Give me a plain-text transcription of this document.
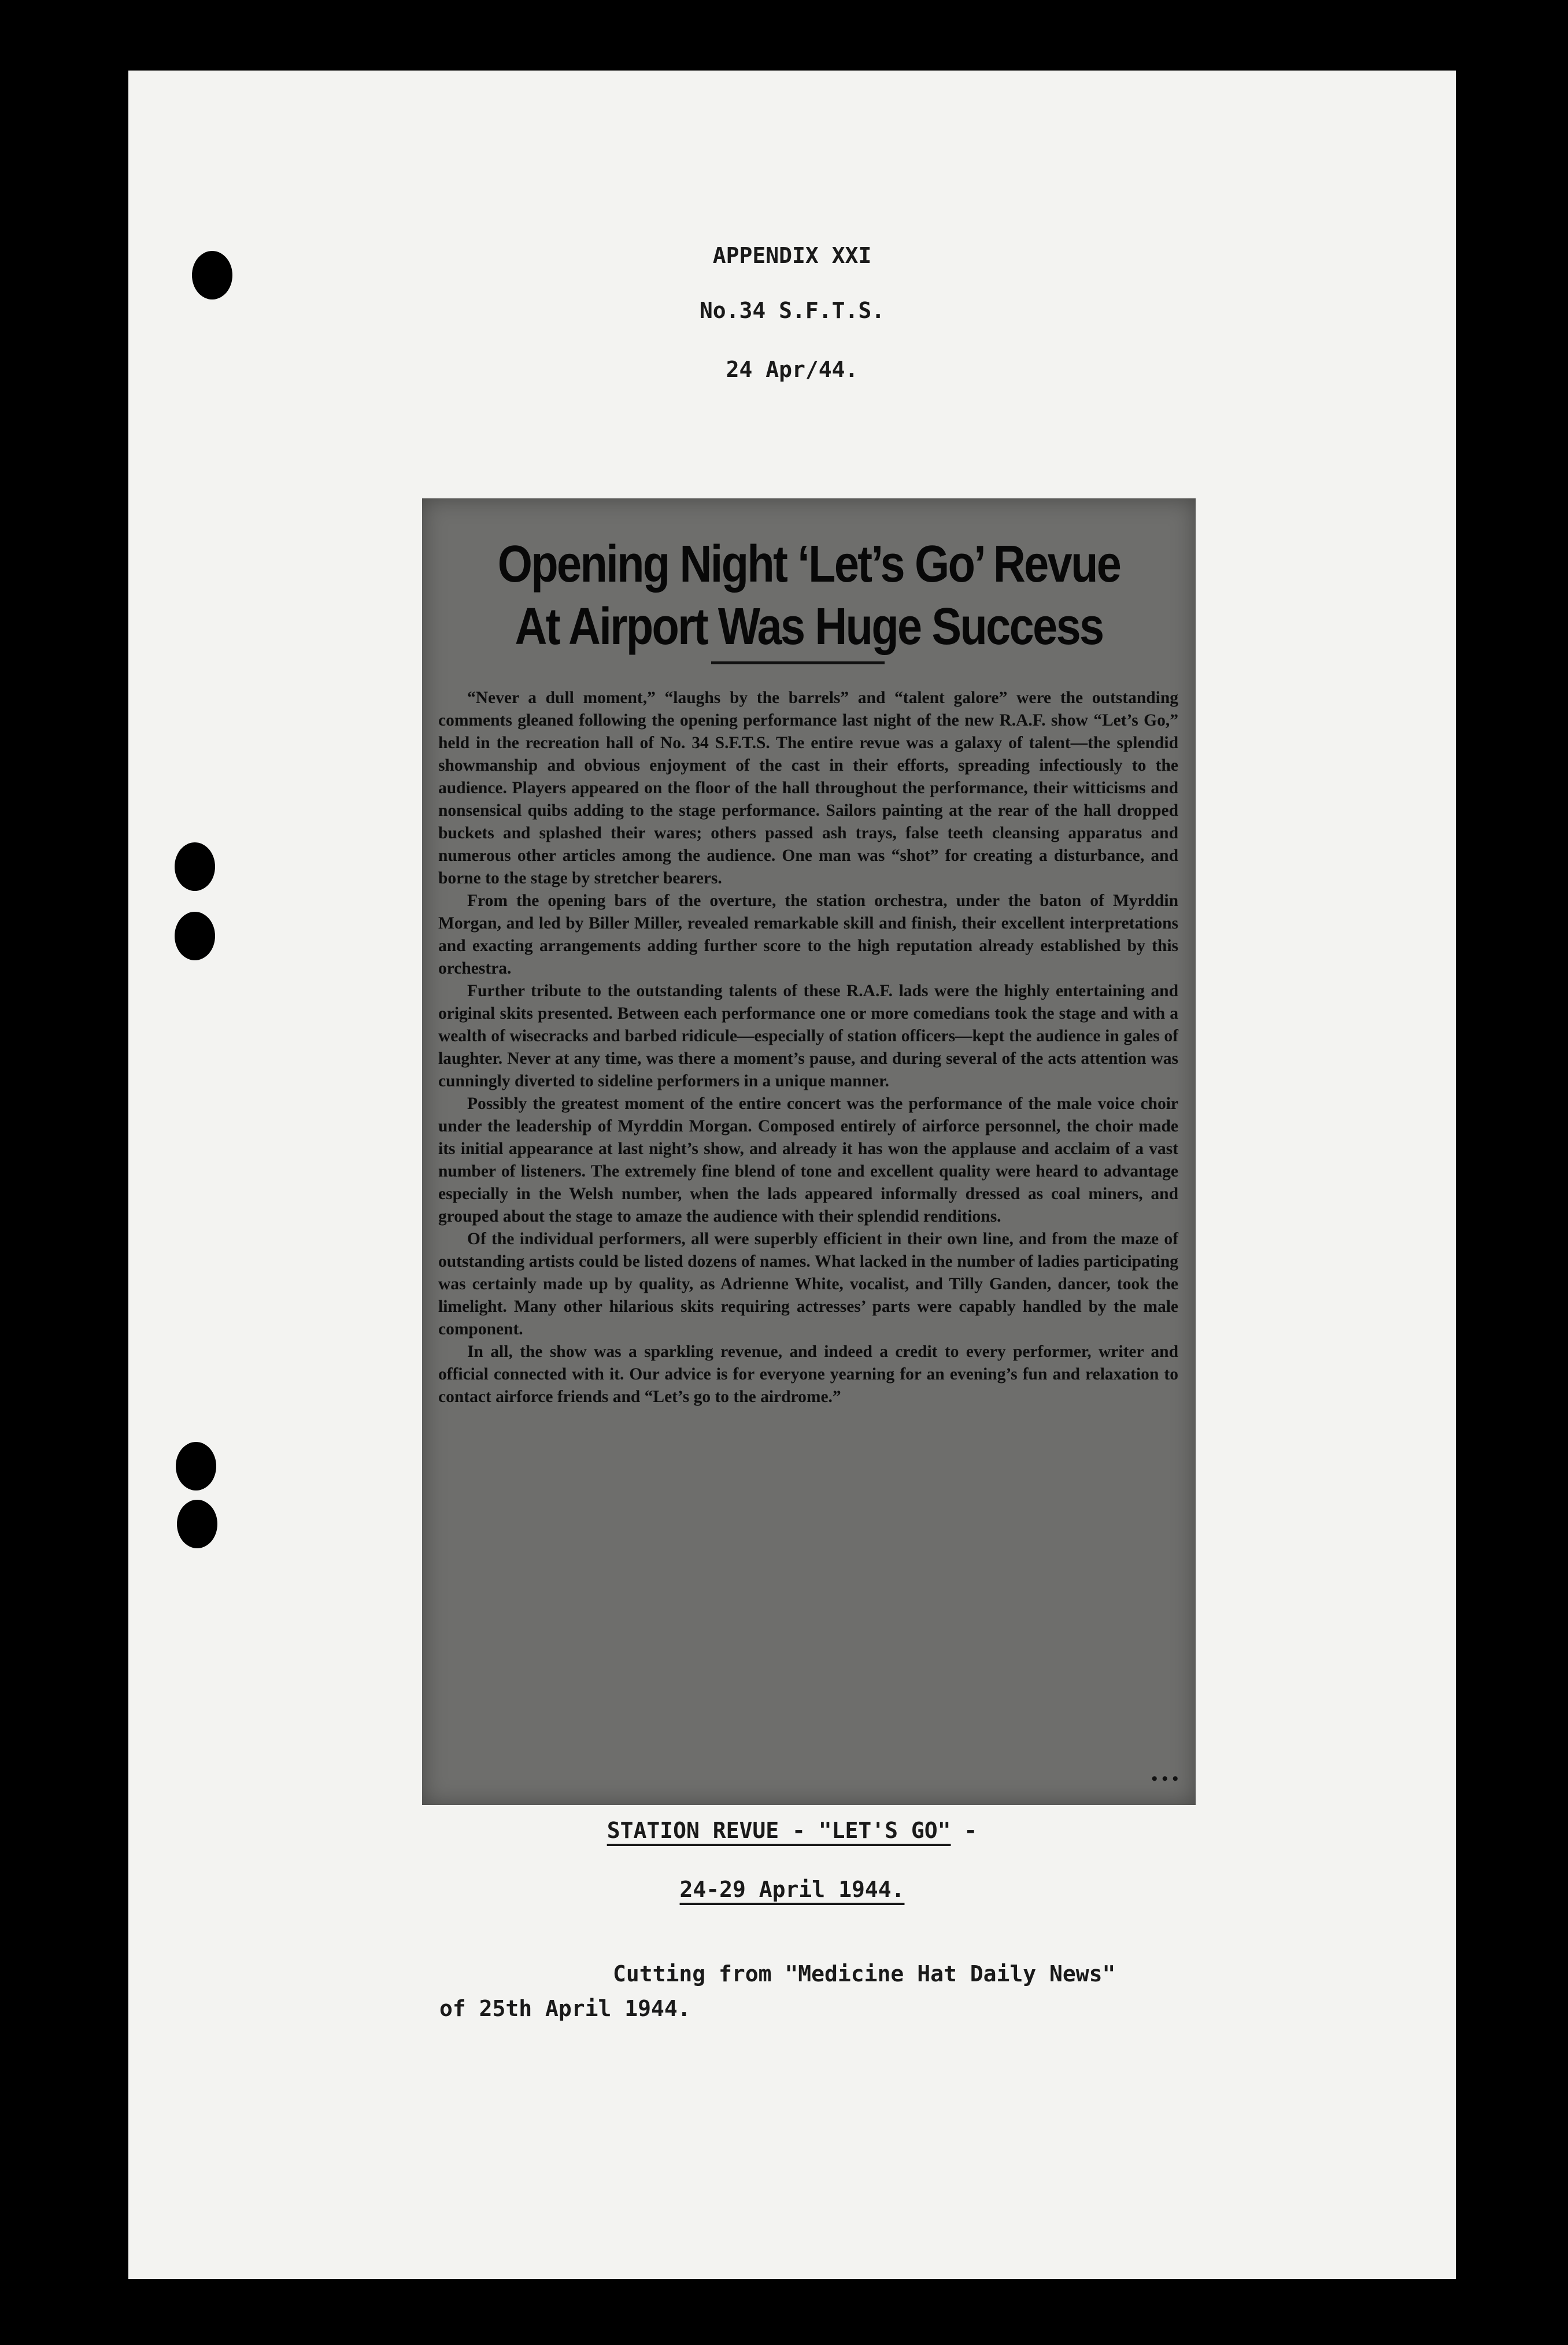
APPENDIX XXI
No.34 S.F.T.S.
24 Apr/44.
Opening Night ‘Let’s Go’ Revue
At Airport Was Huge Success

“Never a dull moment,” “laughs by the barrels” and “talent galore” were the outstanding comments gleaned following the opening performance last night of the new R.A.F. show “Let’s Go,” held in the recreation hall of No. 34 S.F.T.S. The entire revue was a galaxy of talent—the splendid showmanship and obvious enjoyment of the cast in their efforts, spreading infectiously to the audience. Players appeared on the floor of the hall throughout the performance, their witticisms and nonsensical quibs adding to the stage performance. Sailors painting at the rear of the hall dropped buckets and splashed their wares; others passed ash trays, false teeth cleansing apparatus and numerous other articles among the audience. One man was “shot” for creating a disturbance, and borne to the stage by stretcher bearers.

From the opening bars of the overture, the station orchestra, under the baton of Myrddin Morgan, and led by Biller Miller, revealed remarkable skill and finish, their excellent interpretations and exacting arrangements adding further score to the high reputation already established by this orchestra.

Further tribute to the outstanding talents of these R.A.F. lads were the highly entertaining and original skits presented. Between each performance one or more comedians took the stage and with a wealth of wisecracks and barbed ridicule—especially of station officers—kept the audience in gales of laughter. Never at any time, was there a moment’s pause, and during several of the acts attention was cunningly diverted to sideline performers in a unique manner.

Possibly the greatest moment of the entire concert was the performance of the male voice choir under the leadership of Myrddin Morgan. Composed entirely of airforce personnel, the choir made its initial appearance at last night’s show, and already it has won the applause and acclaim of a vast number of listeners. The extremely fine blend of tone and excellent quality were heard to advantage especially in the Welsh number, when the lads appeared informally dressed as coal miners, and grouped about the stage to amaze the audience with their splendid renditions.

Of the individual performers, all were superbly efficient in their own line, and from the maze of outstanding artists could be listed dozens of names. What lacked in the number of ladies participating was certainly made up by quality, as Adrienne White, vocalist, and Tilly Ganden, dancer, took the limelight. Many other hilarious skits requiring actresses’ parts were capably handled by the male component.

In all, the show was a sparkling revenue, and indeed a credit to every performer, writer and official connected with it. Our advice is for everyone yearning for an evening’s fun and relaxation to contact airforce friends and “Let’s go to the airdrome.”

• • •
STATION REVUE - "LET'S GO" -
24-29 April 1944.
Cutting from "Medicine Hat Daily News"
of 25th April 1944.
